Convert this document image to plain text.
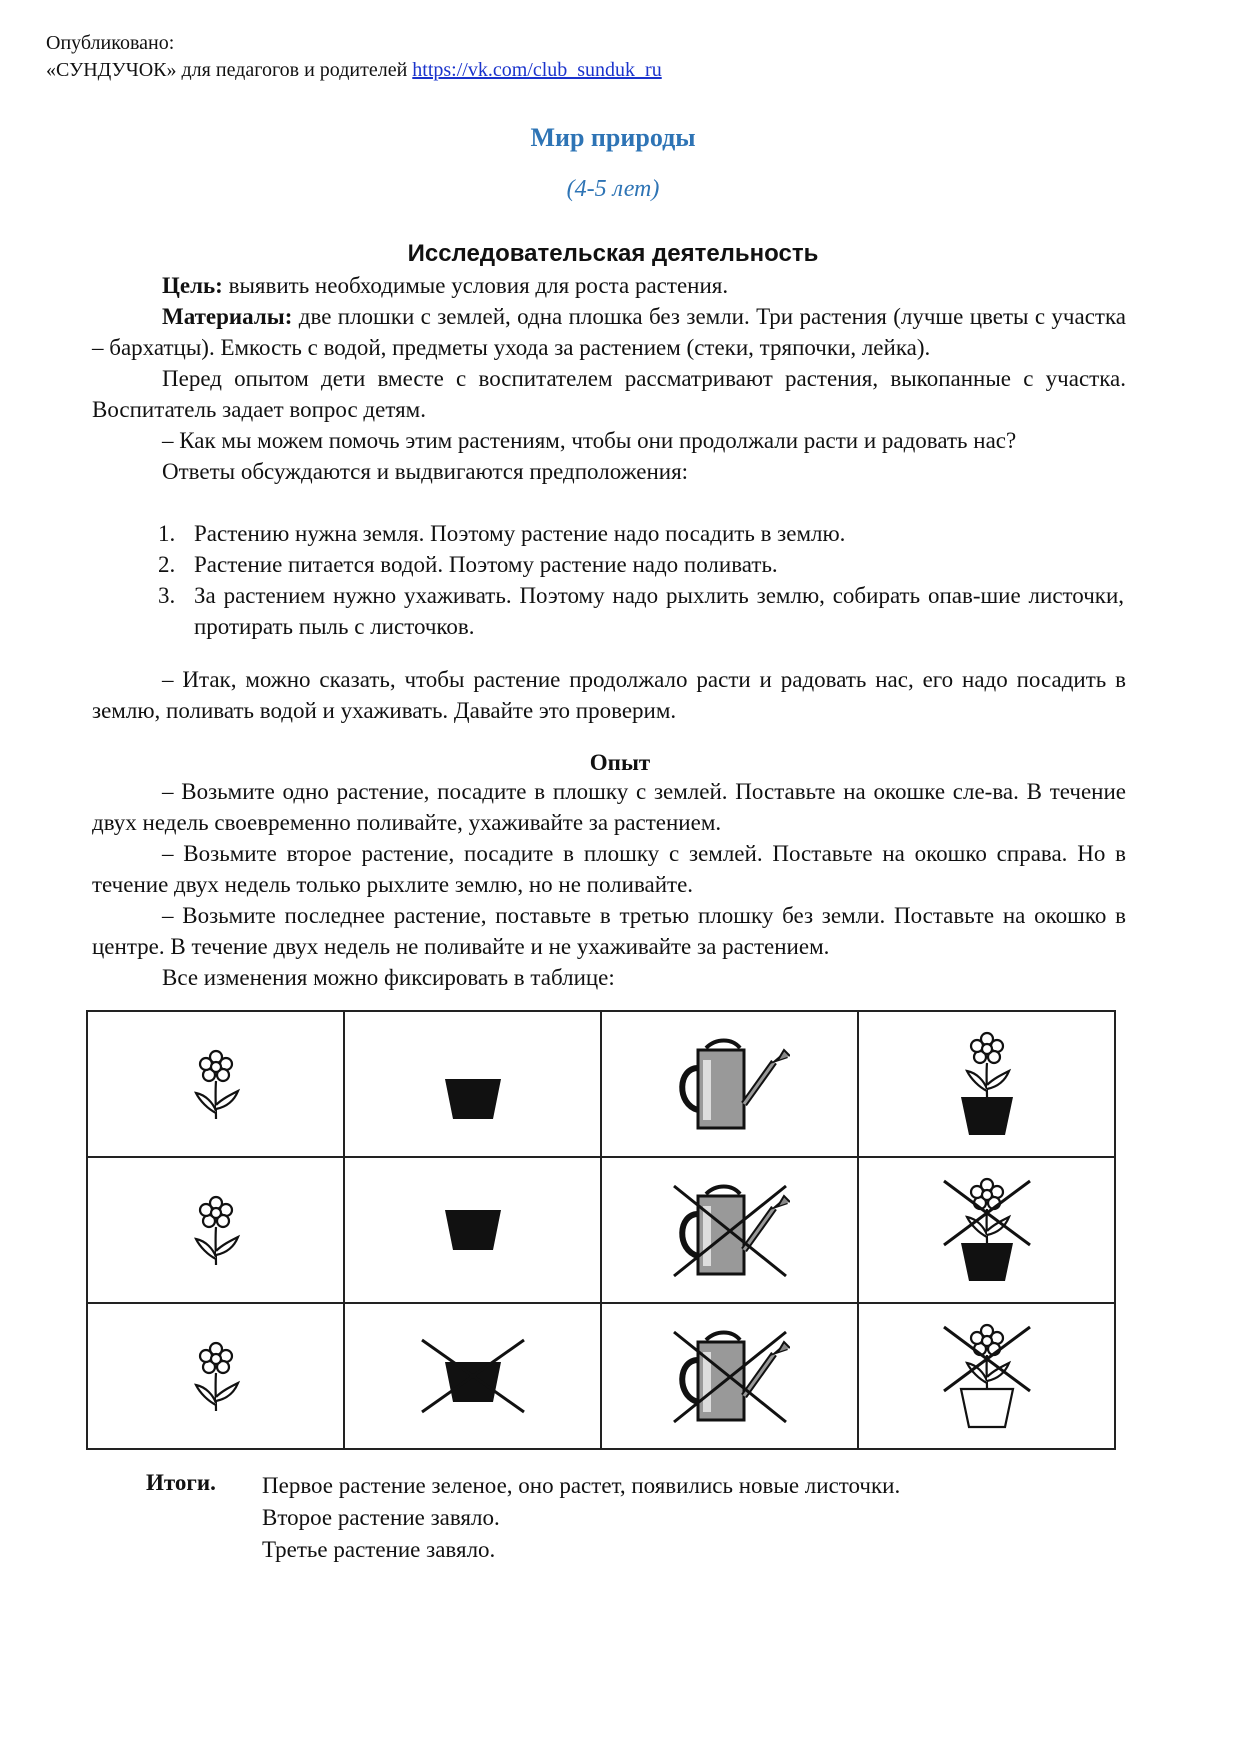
Опубликовано:
«СУНДУЧОК» для педагогов и родителей https://vk.com/club_sunduk_ru
Мир природы
(4-5 лет)
Исследовательская деятельность
Цель: выявить необходимые условия для роста растения.
Материалы: две плошки с землей, одна плошка без земли. Три растения (лучше цветы с участка – бархатцы). Емкость с водой, предметы ухода за растением (стеки, тряпочки, лейка).
Перед опытом дети вместе с воспитателем рассматривают растения, выкопанные с участка. Воспитатель задает вопрос детям.
– Как мы можем помочь этим растениям, чтобы они продолжали расти и радовать нас?
Ответы обсуждаются и выдвигаются предположения:
1. Растению нужна земля. Поэтому растение надо посадить в землю.
2. Растение питается водой. Поэтому растение надо поливать.
3. За растением нужно ухаживать. Поэтому надо рыхлить землю, собирать опав-шие листочки, протирать пыль с листочков.
– Итак, можно сказать, чтобы растение продолжало расти и радовать нас, его надо посадить в землю, поливать водой и ухаживать. Давайте это проверим.
Опыт
– Возьмите одно растение, посадите в плошку с землей. Поставьте на окошке сле-ва. В течение двух недель своевременно поливайте, ухаживайте за растением.
– Возьмите второе растение, посадите в плошку с землей. Поставьте на окошко справа. Но в течение двух недель только рыхлите землю, но не поливайте.
– Возьмите последнее растение, поставьте в третью плошку без земли. Поставьте на окошко в центре. В течение двух недель не поливайте и не ухаживайте за растением.
Все изменения можно фиксировать в таблице:

Итоги. Первое растение зеленое, оно растет, появились новые листочки.
Второе растение завяло.
Третье растение завяло.
